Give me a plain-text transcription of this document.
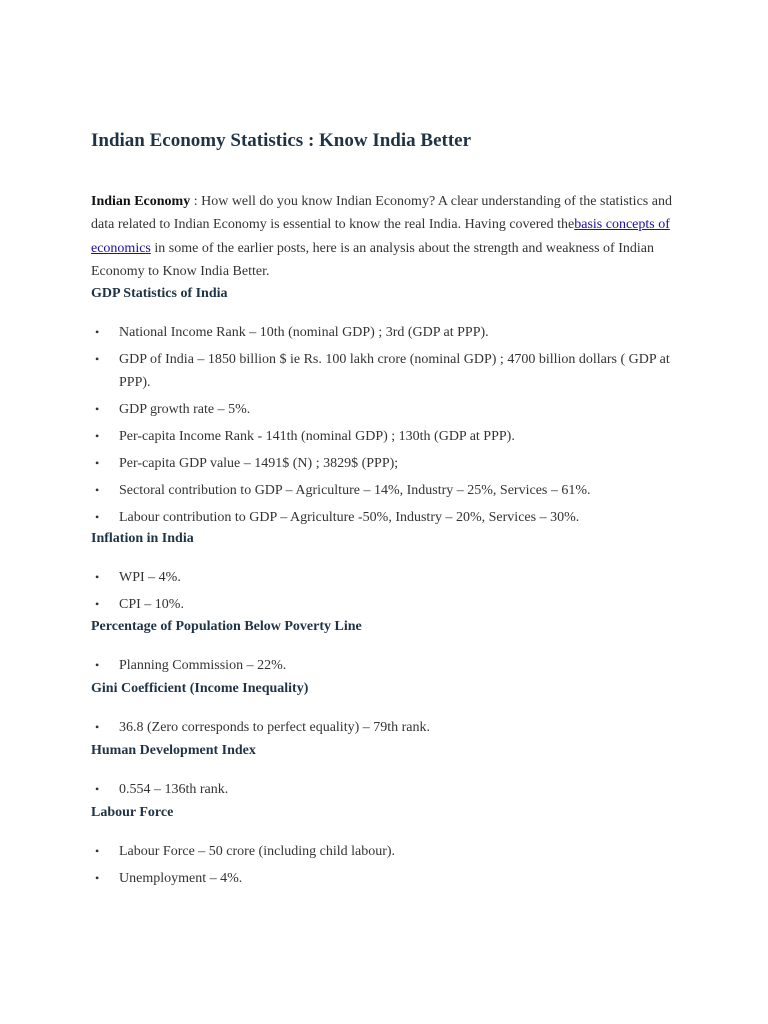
Indian Economy Statistics : Know India Better

Indian Economy : How well do you know Indian Economy? A clear understanding of the statistics and data related to Indian Economy is essential to know the real India. Having covered thebasis concepts of economics in some of the earlier posts, here is an analysis about the strength and weakness of Indian Economy to Know India Better.

GDP Statistics of India
• National Income Rank – 10th (nominal GDP) ; 3rd (GDP at PPP).
• GDP of India – 1850 billion $ ie Rs. 100 lakh crore (nominal GDP) ; 4700 billion dollars ( GDP at PPP).
• GDP growth rate – 5%.
• Per-capita Income Rank - 141th (nominal GDP) ; 130th (GDP at PPP).
• Per-capita GDP value – 1491$ (N) ; 3829$ (PPP);
• Sectoral contribution to GDP – Agriculture – 14%, Industry – 25%, Services – 61%.
• Labour contribution to GDP – Agriculture -50%, Industry – 20%, Services – 30%.
Inflation in India
• WPI – 4%.
• CPI – 10%.
Percentage of Population Below Poverty Line
• Planning Commission – 22%.
Gini Coefficient (Income Inequality)
• 36.8 (Zero corresponds to perfect equality) – 79th rank.
Human Development Index
• 0.554 – 136th rank.
Labour Force
• Labour Force – 50 crore (including child labour).
• Unemployment – 4%.
